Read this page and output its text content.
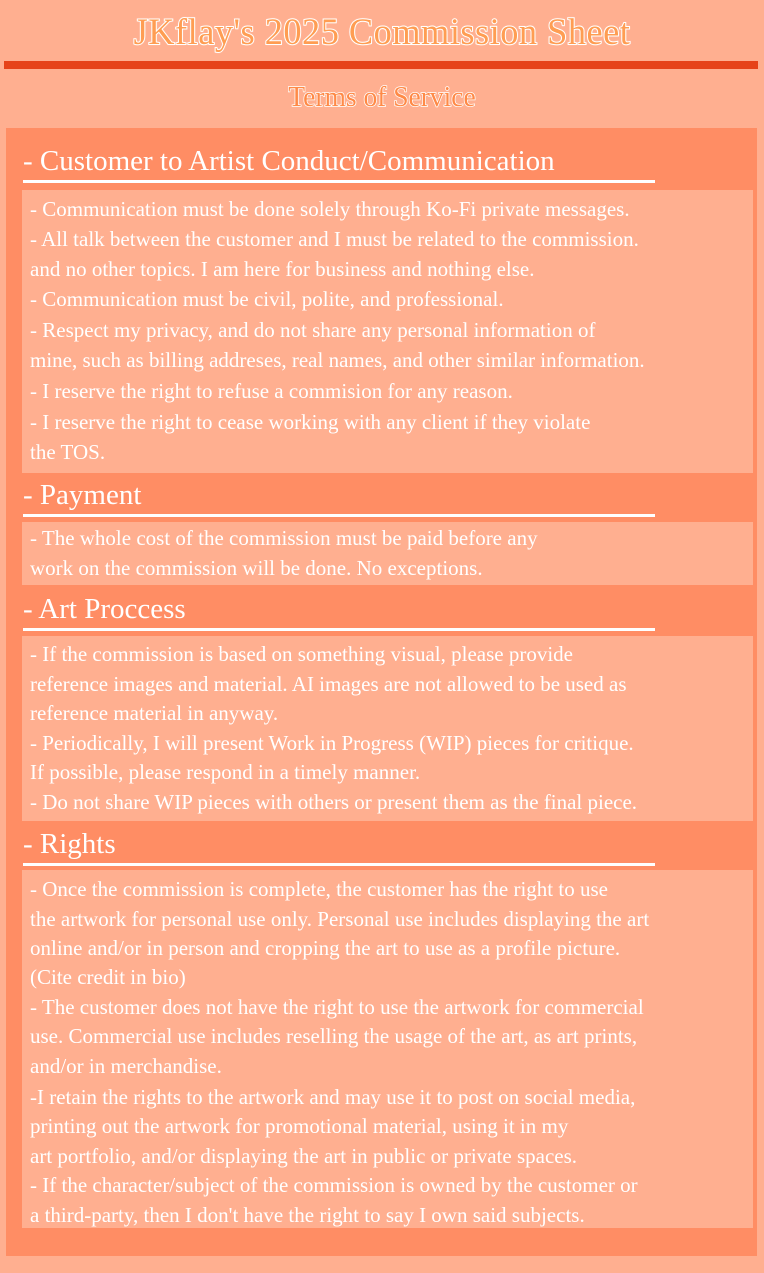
JKflay's 2025 Commission Sheet
Terms of Service
- Customer to Artist Conduct/Communication
- Communication must be done solely through Ko-Fi private messages.
- All talk between the customer and I must be related to the commission.
and no other topics. I am here for business and nothing else.
- Communication must be civil, polite, and professional.
- Respect my privacy, and do not share any personal information of
mine, such as billing addreses, real names, and other similar information.
- I reserve the right to refuse a commision for any reason.
- I reserve the right to cease working with any client if they violate
the TOS.
- Payment
- The whole cost of the commission must be paid before any
work on the commission will be done. No exceptions.
- Art Proccess
- If the commission is based on something visual, please provide
reference images and material. AI images are not allowed to be used as
reference material in anyway.
- Periodically, I will present Work in Progress (WIP) pieces for critique.
If possible, please respond in a timely manner.
- Do not share WIP pieces with others or present them as the final piece.
- Rights
- Once the commission is complete, the customer has the right to use
the artwork for personal use only. Personal use includes displaying the art
online and/or in person and cropping the art to use as a profile picture.
(Cite credit in bio)
- The customer does not have the right to use the artwork for commercial
use. Commercial use includes reselling the usage of the art, as art prints,
and/or in merchandise.
-I retain the rights to the artwork and may use it to post on social media,
printing out the artwork for promotional material, using it in my
art portfolio, and/or displaying the art in public or private spaces.
- If the character/subject of the commission is owned by the customer or
a third-party, then I don't have the right to say I own said subjects.
